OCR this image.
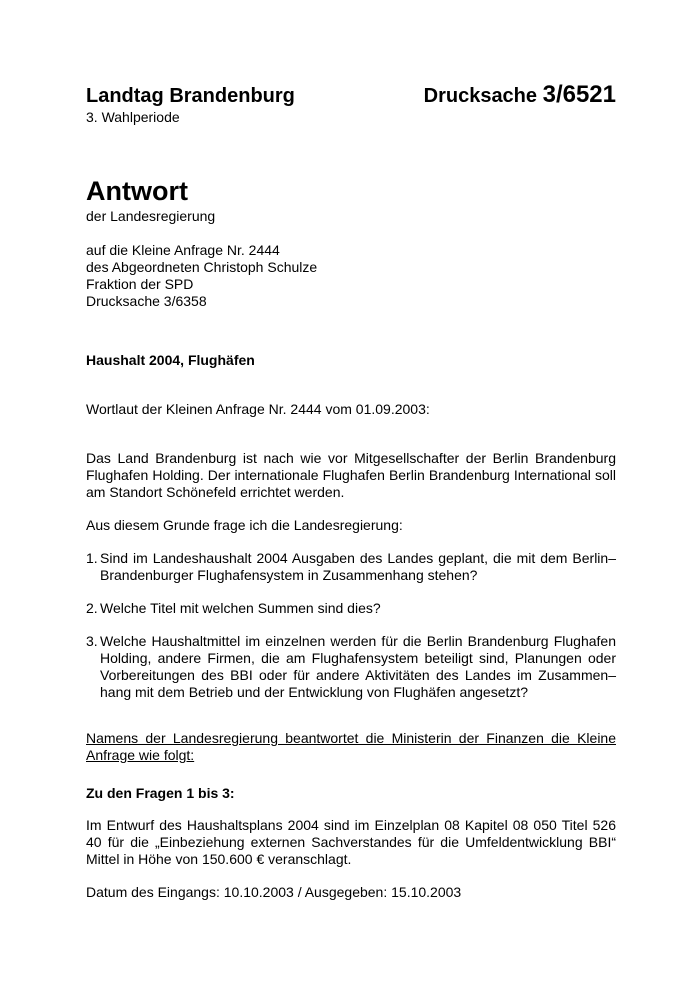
Landtag Brandenburg	Drucksache 3/6521
3. Wahlperiode
Antwort
der Landesregierung
auf die Kleine Anfrage Nr. 2444
des Abgeordneten Christoph Schulze
Fraktion der SPD
Drucksache 3/6358
Haushalt 2004, Flughäfen
Wortlaut der Kleinen Anfrage Nr. 2444 vom 01.09.2003:
Das Land Brandenburg ist nach wie vor Mitgesellschafter der Berlin Brandenburg Flughafen Holding. Der internationale Flughafen Berlin Brandenburg International soll am Standort Schönefeld errichtet werden.
Aus diesem Grunde frage ich die Landesregierung:
1. Sind im Landeshaushalt 2004 Ausgaben des Landes geplant, die mit dem Berlin–Brandenburger Flughafensystem in Zusammenhang stehen?
2. Welche Titel mit welchen Summen sind dies?
3. Welche Haushaltmittel im einzelnen werden für die Berlin Brandenburg Flughafen Holding, andere Firmen, die am Flughafensystem beteiligt sind, Planungen oder Vorbereitungen des BBI oder für andere Aktivitäten des Landes im Zusammen–hang mit dem Betrieb und der Entwicklung von Flughäfen angesetzt?
Namens der Landesregierung beantwortet die Ministerin der Finanzen die Kleine Anfrage wie folgt:
Zu den Fragen 1 bis 3:
Im Entwurf des Haushaltsplans 2004 sind im Einzelplan 08 Kapitel 08 050 Titel 526 40 für die „Einbeziehung externen Sachverstandes für die Umfeldentwicklung BBI“ Mittel in Höhe von 150.600 € veranschlagt.
Datum des Eingangs: 10.10.2003 / Ausgegeben: 15.10.2003
